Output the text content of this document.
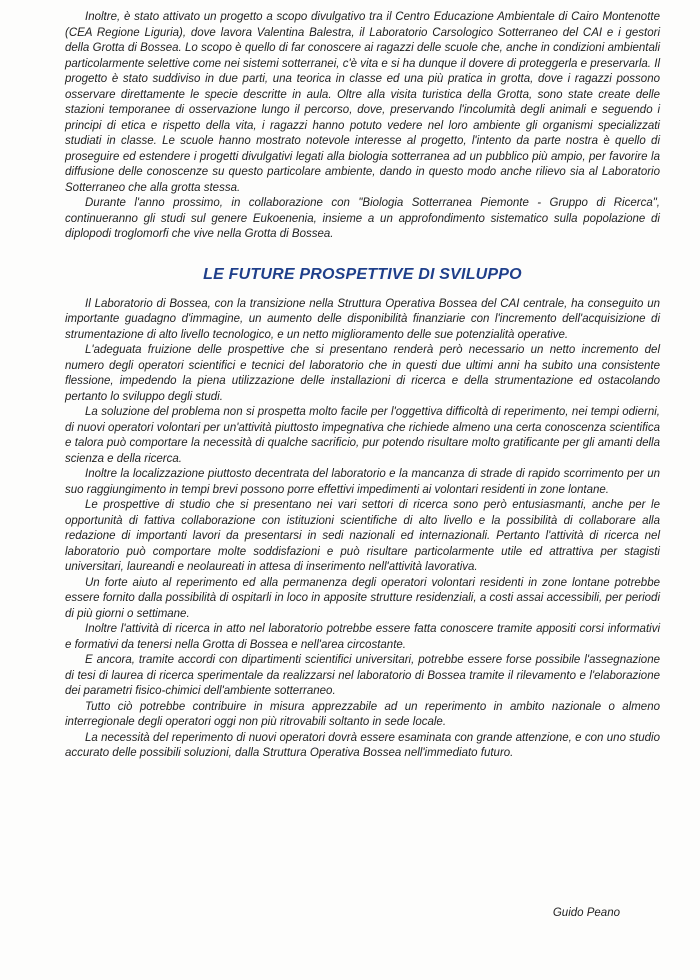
Inoltre, è stato attivato un progetto a scopo divulgativo tra il Centro Educazione Ambientale di Cairo Montenotte (CEA Regione Liguria), dove lavora Valentina Balestra, il Laboratorio Carsologico Sotterraneo del CAI e i gestori della Grotta di Bossea. Lo scopo è quello di far conoscere ai ragazzi delle scuole che, anche in condizioni ambientali particolarmente selettive come nei sistemi sotterranei, c'è vita e si ha dunque il dovere di proteggerla e preservarla. Il progetto è stato suddiviso in due parti, una teorica in classe ed una più pratica in grotta, dove i ragazzi possono osservare direttamente le specie descritte in aula. Oltre alla visita turistica della Grotta, sono state create delle stazioni temporanee di osservazione lungo il percorso, dove, preservando l'incolumità degli animali e seguendo i principi di etica e rispetto della vita, i ragazzi hanno potuto vedere nel loro ambiente gli organismi specializzati studiati in classe. Le scuole hanno mostrato notevole interesse al progetto, l'intento da parte nostra è quello di proseguire ed estendere i progetti divulgativi legati alla biologia sotterranea ad un pubblico più ampio, per favorire la diffusione delle conoscenze su questo particolare ambiente, dando in questo modo anche rilievo sia al Laboratorio Sotterraneo che alla grotta stessa.

Durante l'anno prossimo, in collaborazione con "Biologia Sotterranea Piemonte - Gruppo di Ricerca", continueranno gli studi sul genere Eukoenenia, insieme a un approfondimento sistematico sulla popolazione di diplopodi troglomorfi che vive nella Grotta di Bossea.

LE FUTURE PROSPETTIVE DI SVILUPPO

Il Laboratorio di Bossea, con la transizione nella Struttura Operativa Bossea del CAI centrale, ha conseguito un importante guadagno d'immagine, un aumento delle disponibilità finanziarie con l'incremento dell'acquisizione di strumentazione di alto livello tecnologico, e un netto miglioramento delle sue potenzialità operative.

L'adeguata fruizione delle prospettive che si presentano renderà però necessario un netto incremento del numero degli operatori scientifici e tecnici del laboratorio che in questi due ultimi anni ha subito una consistente flessione, impedendo la piena utilizzazione delle installazioni di ricerca e della strumentazione ed ostacolando pertanto lo sviluppo degli studi.

La soluzione del problema non si prospetta molto facile per l'oggettiva difficoltà di reperimento, nei tempi odierni, di nuovi operatori volontari per un'attività piuttosto impegnativa che richiede almeno una certa conoscenza scientifica e talora può comportare la necessità di qualche sacrificio, pur potendo risultare molto gratificante per gli amanti della scienza e della ricerca.

Inoltre la localizzazione piuttosto decentrata del laboratorio e la mancanza di strade di rapido scorrimento per un suo raggiungimento in tempi brevi possono porre effettivi impedimenti ai volontari residenti in zone lontane.

Le prospettive di studio che si presentano nei vari settori di ricerca sono però entusiasmanti, anche per le opportunità di fattiva collaborazione con istituzioni scientifiche di alto livello e la possibilità di collaborare alla redazione di importanti lavori da presentarsi in sedi nazionali ed internazionali. Pertanto l'attività di ricerca nel laboratorio può comportare molte soddisfazioni e può risultare particolarmente utile ed attrattiva per stagisti universitari, laureandi e neolaureati in attesa di inserimento nell'attività lavorativa.

Un forte aiuto al reperimento ed alla permanenza degli operatori volontari residenti in zone lontane potrebbe essere fornito dalla possibilità di ospitarli in loco in apposite strutture residenziali, a costi assai accessibili, per periodi di più giorni o settimane.

Inoltre l'attività di ricerca in atto nel laboratorio potrebbe essere fatta conoscere tramite appositi corsi informativi e formativi da tenersi nella Grotta di Bossea e nell'area circostante.

E ancora, tramite accordi con dipartimenti scientifici universitari, potrebbe essere forse possibile l'assegnazione di tesi di laurea di ricerca sperimentale da realizzarsi nel laboratorio di Bossea tramite il rilevamento e l'elaborazione dei parametri fisico-chimici dell'ambiente sotterraneo.

Tutto ciò potrebbe contribuire in misura apprezzabile ad un reperimento in ambito nazionale o almeno interregionale degli operatori oggi non più ritrovabili soltanto in sede locale.

La necessità del reperimento di nuovi operatori dovrà essere esaminata con grande attenzione, e con uno studio accurato delle possibili soluzioni, dalla Struttura Operativa Bossea nell'immediato futuro.

Guido Peano
